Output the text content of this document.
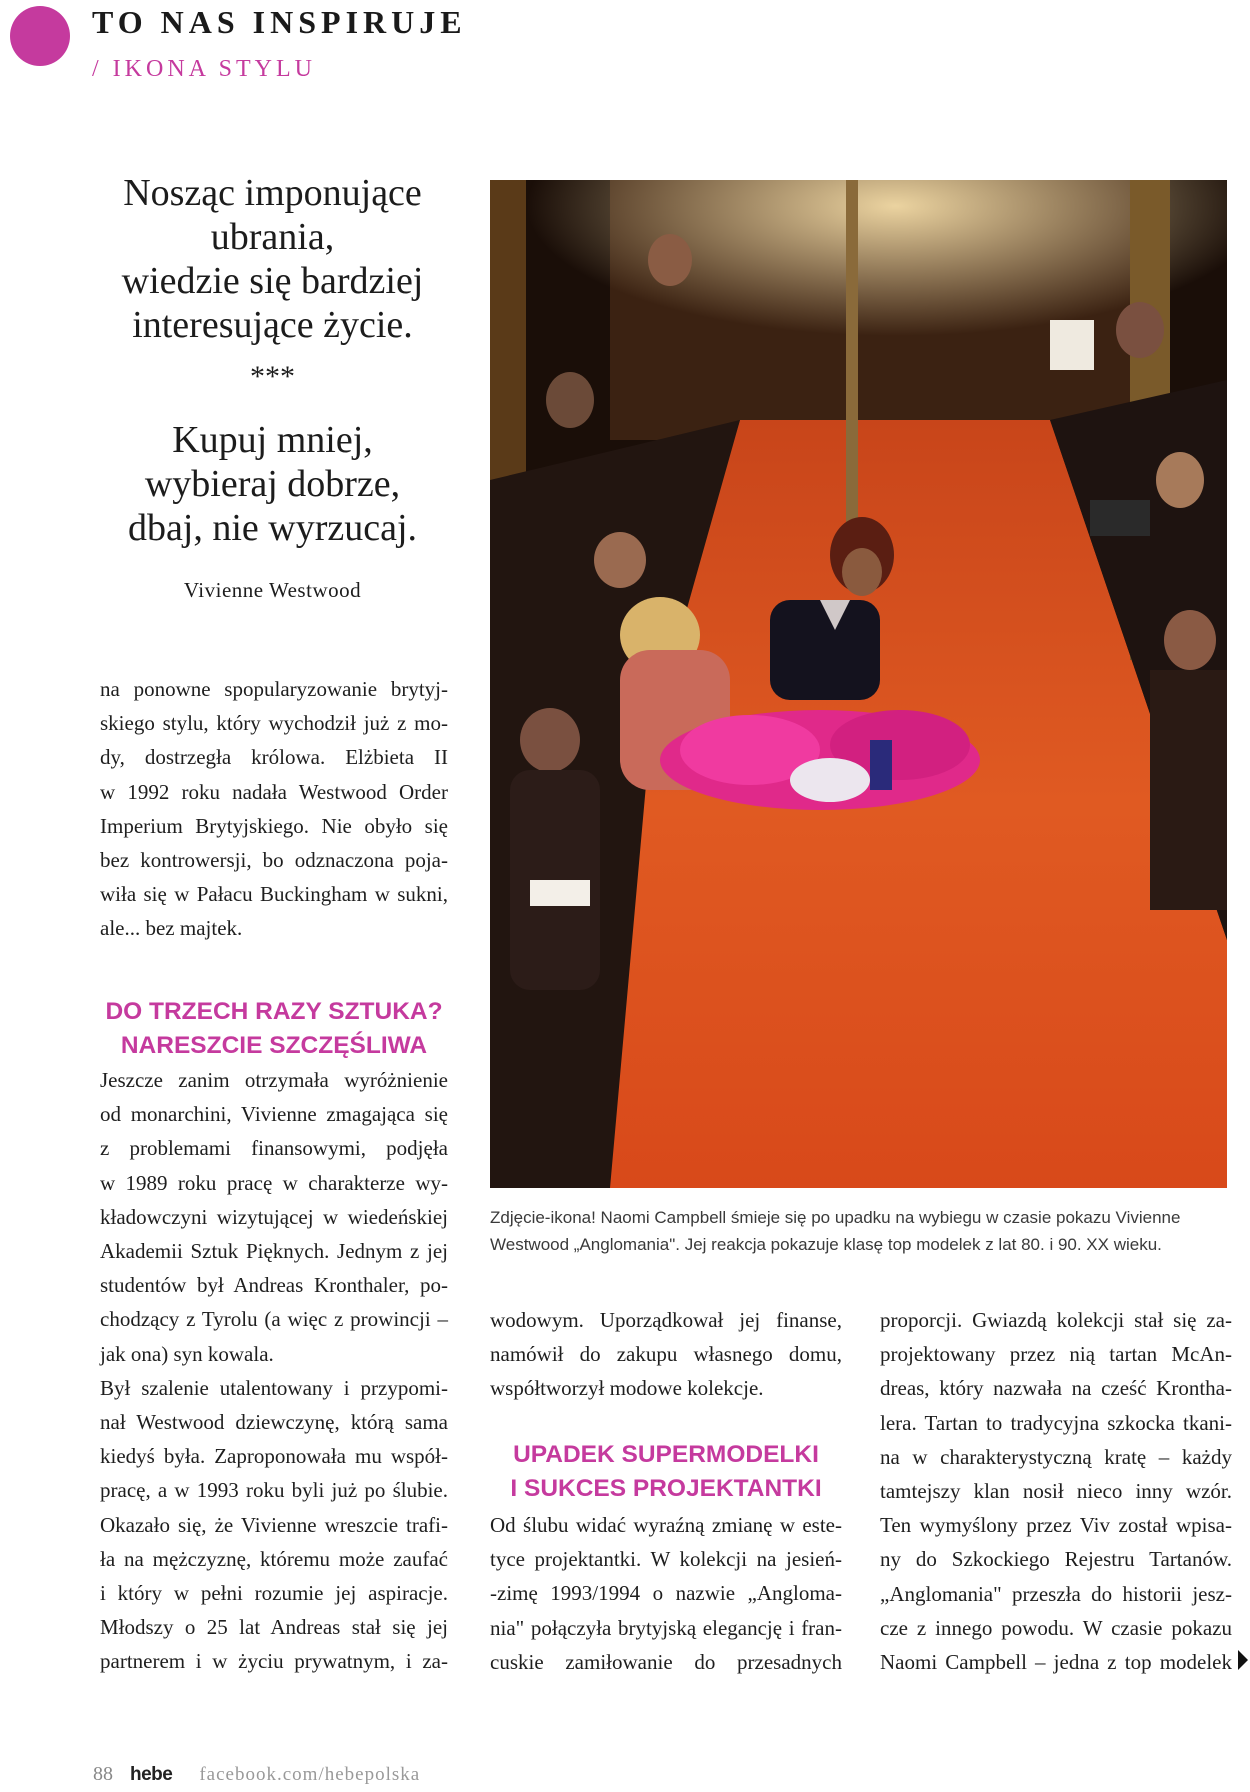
TO NAS INSPIRUJE
/ IKONA STYLU
Nosząc imponujące
ubrania,
wiedzie się bardziej
interesujące życie.
***
Kupuj mniej,
wybieraj dobrze,
dbaj, nie wyrzucaj.
Vivienne Westwood

na ponowne spopularyzowanie brytyj-

skiego stylu, który wychodził już z mo-

dy, dostrzegła królowa. Elżbieta II

w 1992 roku nadała Westwood Order

Imperium Brytyjskiego. Nie obyło się

bez kontrowersji, bo odznaczona poja-

wiła się w Pałacu Buckingham w sukni,

ale... bez majtek.

DO TRZECH RAZY SZTUKA?
NARESZCIE SZCZĘŚLIWA

Jeszcze zanim otrzymała wyróżnienie

od monarchini, Vivienne zmagająca się

z problemami finansowymi, podjęła

w 1989 roku pracę w charakterze wy-

kładowczyni wizytującej w wiedeńskiej

Akademii Sztuk Pięknych. Jednym z jej

studentów był Andreas Kronthaler, po-

chodzący z Tyrolu (a więc z prowincji –

jak ona) syn kowala.

Był szalenie utalentowany i przypomi-

nał Westwood dziewczynę, którą sama

kiedyś była. Zaproponowała mu współ-

pracę, a w 1993 roku byli już po ślubie.

Okazało się, że Vivienne wreszcie trafi-

ła na mężczyznę, któremu może zaufać

i który w pełni rozumie jej aspiracje.

Młodszy o 25 lat Andreas stał się jej

partnerem i w życiu prywatnym, i za-

Zdjęcie-ikona! Naomi Campbell śmieje się po upadku na wybiegu w czasie pokazu Vivienne
Westwood „Anglomania". Jej reakcja pokazuje klasę top modelek z lat 80. i 90. XX wieku.

wodowym. Uporządkował jej finanse,

namówił do zakupu własnego domu,

współtworzył modowe kolekcje.

UPADEK SUPERMODELKI
I SUKCES PROJEKTANTKI

Od ślubu widać wyraźną zmianę w este-

tyce projektantki. W kolekcji na jesień-

-zimę 1993/1994 o nazwie „Angloma-

nia" połączyła brytyjską elegancję i fran-

cuskie zamiłowanie do przesadnych

proporcji. Gwiazdą kolekcji stał się za-

projektowany przez nią tartan McAn-

dreas, który nazwała na cześć Krontha-

lera. Tartan to tradycyjna szkocka tkani-

na w charakterystyczną kratę – każdy

tamtejszy klan nosił nieco inny wzór.

Ten wymyślony przez Viv został wpisa-

ny do Szkockiego Rejestru Tartanów.

„Anglomania" przeszła do historii jesz-

cze z innego powodu. W czasie pokazu

Naomi Campbell – jedna z top modelek

88 hebe facebook.com/hebepolska
